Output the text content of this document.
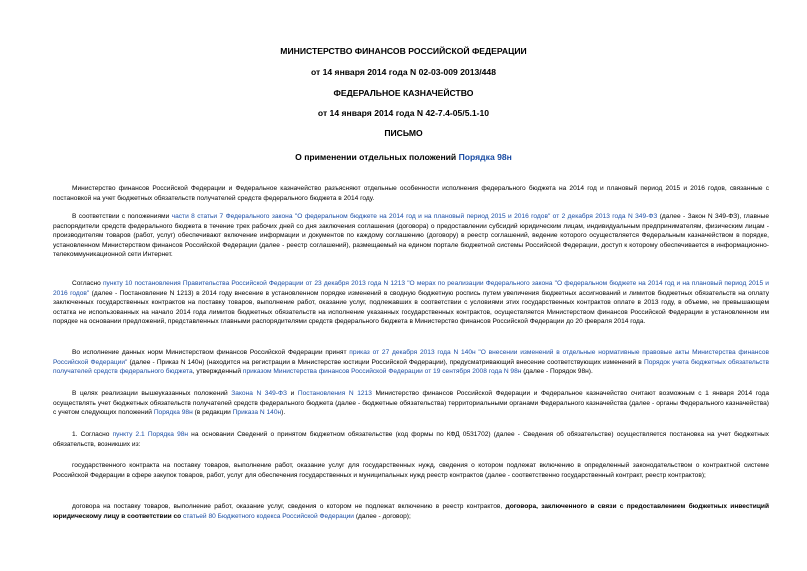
МИНИСТЕРСТВО ФИНАНСОВ РОССИЙСКОЙ ФЕДЕРАЦИИ
от 14 января 2014 года N 02-03-009 2013/448
ФЕДЕРАЛЬНОЕ КАЗНАЧЕЙСТВО
от 14 января 2014 года N 42-7.4-05/5.1-10
ПИСЬМО
О применении отдельных положений Порядка 98н
Министерство финансов Российской Федерации и Федеральное казначейство разъясняют отдельные особенности исполнения федерального бюджета на 2014 год и плановый период 2015 и 2016 годов, связанные с постановкой на учет бюджетных обязательств получателей средств федерального бюджета в 2014 году.
В соответствии с положениями части 8 статьи 7 Федерального закона "О федеральном бюджете на 2014 год и на плановый период 2015 и 2016 годов" от 2 декабря 2013 года N 349-ФЗ (далее - Закон N 349-ФЗ), главные распорядители средств федерального бюджета в течение трех рабочих дней со дня заключения соглашения (договора) о предоставлении субсидий юридическим лицам, индивидуальным предпринимателям, физическим лицам - производителям товаров (работ, услуг) обеспечивают включение информации и документов по каждому соглашению (договору) в реестр соглашений, ведение которого осуществляется Федеральным казначейством в порядке, установленном Министерством финансов Российской Федерации (далее - реестр соглашений), размещаемый на едином портале бюджетной системы Российской Федерации, доступ к которому обеспечивается в информационно-телекоммуникационной сети Интернет.
Согласно пункту 10 постановления Правительства Российской Федерации от 23 декабря 2013 года N 1213 "О мерах по реализации Федерального закона "О федеральном бюджете на 2014 год и на плановый период 2015 и 2016 годов" (далее - Постановление N 1213) в 2014 году внесение в установленном порядке изменений в сводную бюджетную роспись путем увеличения бюджетных ассигнований и лимитов бюджетных обязательств на оплату заключенных государственных контрактов на поставку товаров, выполнение работ, оказание услуг, подлежавших в соответствии с условиями этих государственных контрактов оплате в 2013 году, в объеме, не превышающем остатка не использованных на начало 2014 года лимитов бюджетных обязательств на исполнение указанных государственных контрактов, осуществляется Министерством финансов Российской Федерации в установленном им порядке на основании предложений, представленных главными распорядителями средств федерального бюджета в Министерство финансов Российской Федерации до 20 февраля 2014 года.
Во исполнение данных норм Министерством финансов Российской Федерации принят приказ от 27 декабря 2013 года N 140н "О внесении изменений в отдельные нормативные правовые акты Министерства финансов Российской Федерации" (далее - Приказ N 140н) (находится на регистрации в Министерстве юстиции Российской Федерации), предусматривающий внесение соответствующих изменений в Порядок учета бюджетных обязательств получателей средств федерального бюджета, утвержденный приказом Министерства финансов Российской Федерации от 19 сентября 2008 года N 98н (далее - Порядок 98н).
В целях реализации вышеуказанных положений Закона N 349-ФЗ и Постановления N 1213 Министерство финансов Российской Федерации и Федеральное казначейство считают возможным с 1 января 2014 года осуществлять учет бюджетных обязательств получателей средств федерального бюджета (далее - бюджетные обязательства) территориальными органами Федерального казначейства (далее - органы Федерального казначейства) с учетом следующих положений Порядка 98н (в редакции Приказа N 140н).
1. Согласно пункту 2.1 Порядка 98н на основании Сведений о принятом бюджетном обязательстве (код формы по КФД 0531702) (далее - Сведения об обязательстве) осуществляется постановка на учет бюджетных обязательств, возникших из:
государственного контракта на поставку товаров, выполнение работ, оказание услуг для государственных нужд, сведения о котором подлежат включению в определенный законодательством о контрактной системе Российской Федерации в сфере закупок товаров, работ, услуг для обеспечения государственных и муниципальных нужд реестр контрактов (далее - соответственно государственный контракт, реестр контрактов);
договора на поставку товаров, выполнение работ, оказание услуг, сведения о котором не подлежат включению в реестр контрактов, договора, заключенного в связи с предоставлением бюджетных инвестиций юридическому лицу в соответствии со статьей 80 Бюджетного кодекса Российской Федерации (далее - договор);
